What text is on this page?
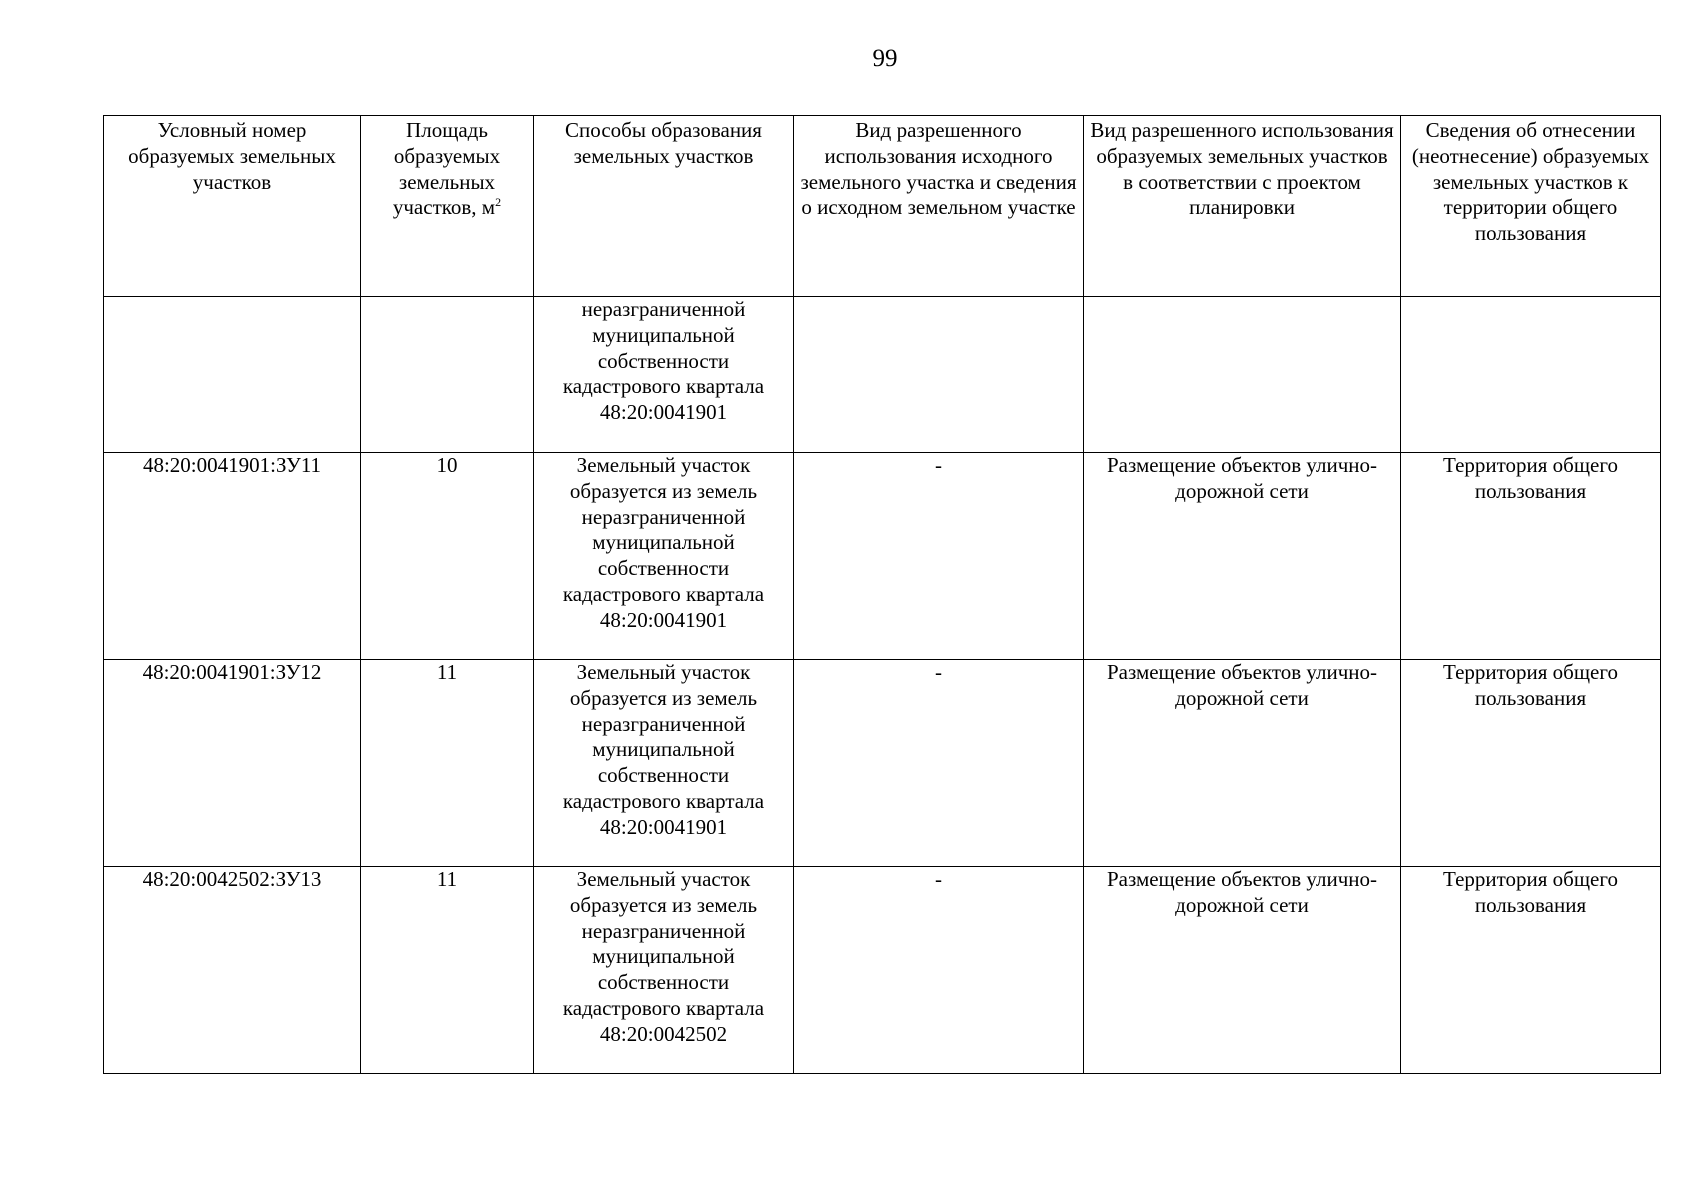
99
Условный номер образуемых земельных участков	Площадь образуемых земельных участков, $м^2$	Способы образования земельных участков	Вид разрешенного использования исходного земельного участка и сведения о исходном земельном участке	Вид разрешенного использования образуемых земельных участков в соответствии с проектом планировки	Сведения об отнесении (неотнесение) образуемых земельных участков к территории общего пользования
		неразграниченной муниципальной собственности кадастрового квартала 48:20:0041901			
48:20:0041901:ЗУ11	10	Земельный участок образуется из земель неразграниченной муниципальной собственности кадастрового квартала 48:20:0041901	-	Размещение объектов улично-дорожной сети	Территория общего пользования
48:20:0041901:ЗУ12	11	Земельный участок образуется из земель неразграниченной муниципальной собственности кадастрового квартала 48:20:0041901	-	Размещение объектов улично-дорожной сети	Территория общего пользования
48:20:0042502:ЗУ13	11	Земельный участок образуется из земель неразграниченной муниципальной собственности кадастрового квартала 48:20:0042502	-	Размещение объектов улично-дорожной сети	Территория общего пользования
